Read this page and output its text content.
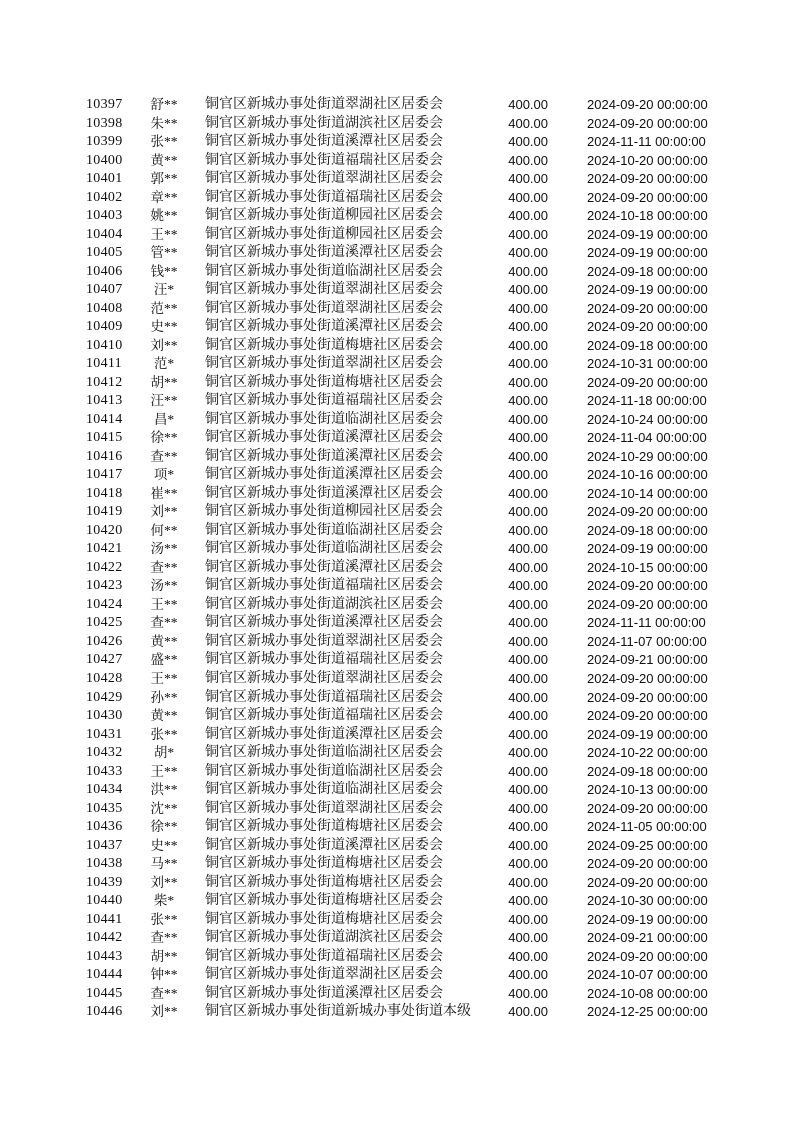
10397	舒**	铜官区新城办事处街道翠湖社区居委会	400.00	2024-09-20 00:00:00
10398	朱**	铜官区新城办事处街道湖滨社区居委会	400.00	2024-09-20 00:00:00
10399	张**	铜官区新城办事处街道溪潭社区居委会	400.00	2024-11-11 00:00:00
10400	黄**	铜官区新城办事处街道福瑞社区居委会	400.00	2024-10-20 00:00:00
10401	郭**	铜官区新城办事处街道翠湖社区居委会	400.00	2024-09-20 00:00:00
10402	章**	铜官区新城办事处街道福瑞社区居委会	400.00	2024-09-20 00:00:00
10403	姚**	铜官区新城办事处街道柳园社区居委会	400.00	2024-10-18 00:00:00
10404	王**	铜官区新城办事处街道柳园社区居委会	400.00	2024-09-19 00:00:00
10405	管**	铜官区新城办事处街道溪潭社区居委会	400.00	2024-09-19 00:00:00
10406	钱**	铜官区新城办事处街道临湖社区居委会	400.00	2024-09-18 00:00:00
10407	汪*	铜官区新城办事处街道翠湖社区居委会	400.00	2024-09-19 00:00:00
10408	范**	铜官区新城办事处街道翠湖社区居委会	400.00	2024-09-20 00:00:00
10409	史**	铜官区新城办事处街道溪潭社区居委会	400.00	2024-09-20 00:00:00
10410	刘**	铜官区新城办事处街道梅塘社区居委会	400.00	2024-09-18 00:00:00
10411	范*	铜官区新城办事处街道翠湖社区居委会	400.00	2024-10-31 00:00:00
10412	胡**	铜官区新城办事处街道梅塘社区居委会	400.00	2024-09-20 00:00:00
10413	汪**	铜官区新城办事处街道福瑞社区居委会	400.00	2024-11-18 00:00:00
10414	昌*	铜官区新城办事处街道临湖社区居委会	400.00	2024-10-24 00:00:00
10415	徐**	铜官区新城办事处街道溪潭社区居委会	400.00	2024-11-04 00:00:00
10416	查**	铜官区新城办事处街道溪潭社区居委会	400.00	2024-10-29 00:00:00
10417	项*	铜官区新城办事处街道溪潭社区居委会	400.00	2024-10-16 00:00:00
10418	崔**	铜官区新城办事处街道溪潭社区居委会	400.00	2024-10-14 00:00:00
10419	刘**	铜官区新城办事处街道柳园社区居委会	400.00	2024-09-20 00:00:00
10420	何**	铜官区新城办事处街道临湖社区居委会	400.00	2024-09-18 00:00:00
10421	汤**	铜官区新城办事处街道临湖社区居委会	400.00	2024-09-19 00:00:00
10422	查**	铜官区新城办事处街道溪潭社区居委会	400.00	2024-10-15 00:00:00
10423	汤**	铜官区新城办事处街道福瑞社区居委会	400.00	2024-09-20 00:00:00
10424	王**	铜官区新城办事处街道湖滨社区居委会	400.00	2024-09-20 00:00:00
10425	查**	铜官区新城办事处街道溪潭社区居委会	400.00	2024-11-11 00:00:00
10426	黄**	铜官区新城办事处街道翠湖社区居委会	400.00	2024-11-07 00:00:00
10427	盛**	铜官区新城办事处街道福瑞社区居委会	400.00	2024-09-21 00:00:00
10428	王**	铜官区新城办事处街道翠湖社区居委会	400.00	2024-09-20 00:00:00
10429	孙**	铜官区新城办事处街道福瑞社区居委会	400.00	2024-09-20 00:00:00
10430	黄**	铜官区新城办事处街道福瑞社区居委会	400.00	2024-09-20 00:00:00
10431	张**	铜官区新城办事处街道溪潭社区居委会	400.00	2024-09-19 00:00:00
10432	胡*	铜官区新城办事处街道临湖社区居委会	400.00	2024-10-22 00:00:00
10433	王**	铜官区新城办事处街道临湖社区居委会	400.00	2024-09-18 00:00:00
10434	洪**	铜官区新城办事处街道临湖社区居委会	400.00	2024-10-13 00:00:00
10435	沈**	铜官区新城办事处街道翠湖社区居委会	400.00	2024-09-20 00:00:00
10436	徐**	铜官区新城办事处街道梅塘社区居委会	400.00	2024-11-05 00:00:00
10437	史**	铜官区新城办事处街道溪潭社区居委会	400.00	2024-09-25 00:00:00
10438	马**	铜官区新城办事处街道梅塘社区居委会	400.00	2024-09-20 00:00:00
10439	刘**	铜官区新城办事处街道梅塘社区居委会	400.00	2024-09-20 00:00:00
10440	柴*	铜官区新城办事处街道梅塘社区居委会	400.00	2024-10-30 00:00:00
10441	张**	铜官区新城办事处街道梅塘社区居委会	400.00	2024-09-19 00:00:00
10442	查**	铜官区新城办事处街道湖滨社区居委会	400.00	2024-09-21 00:00:00
10443	胡**	铜官区新城办事处街道福瑞社区居委会	400.00	2024-09-20 00:00:00
10444	钟**	铜官区新城办事处街道翠湖社区居委会	400.00	2024-10-07 00:00:00
10445	查**	铜官区新城办事处街道溪潭社区居委会	400.00	2024-10-08 00:00:00
10446	刘**	铜官区新城办事处街道新城办事处街道本级	400.00	2024-12-25 00:00:00
